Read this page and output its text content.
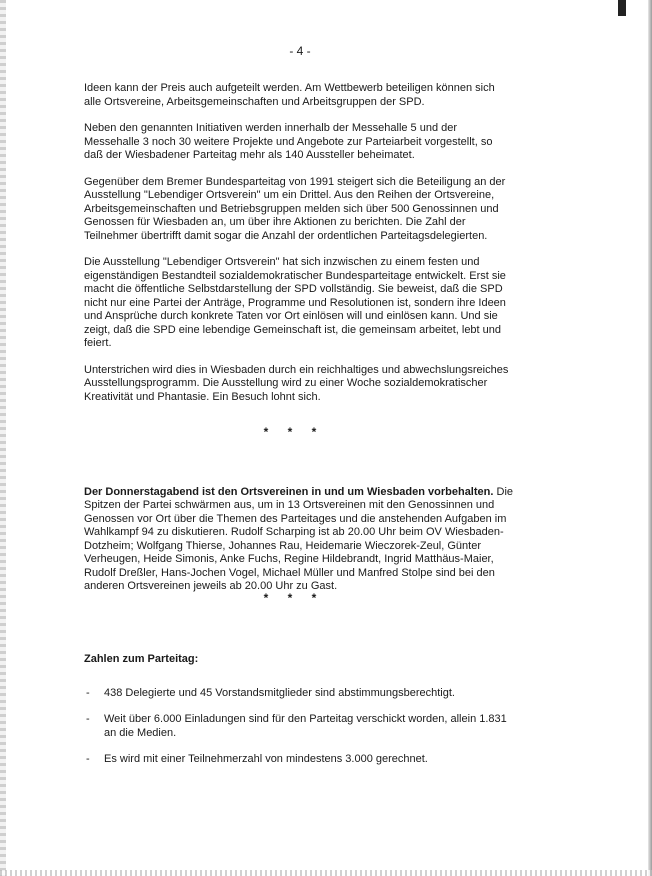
- 4 -

Ideen kann der Preis auch aufgeteilt werden. Am Wettbewerb beteiligen können sich alle Ortsvereine, Arbeitsgemeinschaften und Arbeitsgruppen der SPD.

Neben den genannten Initiativen werden innerhalb der Messehalle 5 und der Messehalle 3 noch 30 weitere Projekte und Angebote zur Parteiarbeit vorgestellt, so daß der Wiesbadener Parteitag mehr als 140 Aussteller beheimatet.

Gegenüber dem Bremer Bundesparteitag von 1991 steigert sich die Beteiligung an der Ausstellung "Lebendiger Ortsverein" um ein Drittel. Aus den Reihen der Ortsvereine, Arbeitsgemeinschaften und Betriebsgruppen melden sich über 500 Genossinnen und Genossen für Wiesbaden an, um über ihre Aktionen zu berichten. Die Zahl der Teilnehmer übertrifft damit sogar die Anzahl der ordentlichen Parteitagsdelegierten.

Die Ausstellung "Lebendiger Ortsverein" hat sich inzwischen zu einem festen und eigenständigen Bestandteil sozialdemokratischer Bundesparteitage entwickelt. Erst sie macht die öffentliche Selbstdarstellung der SPD vollständig. Sie beweist, daß die SPD nicht nur eine Partei der Anträge, Programme und Resolutionen ist, sondern ihre Ideen und Ansprüche durch konkrete Taten vor Ort einlösen will und einlösen kann. Und sie zeigt, daß die SPD eine lebendige Gemeinschaft ist, die gemeinsam arbeitet, lebt und feiert.

Unterstrichen wird dies in Wiesbaden durch ein reichhaltiges und abwechslungsreiches Ausstellungsprogramm. Die Ausstellung wird zu einer Woche sozialdemokratischer Kreativität und Phantasie. Ein Besuch lohnt sich.

* * *

Der Donnerstagabend ist den Ortsvereinen in und um Wiesbaden vorbehalten. Die Spitzen der Partei schwärmen aus, um in 13 Ortsvereinen mit den Genossinnen und Genossen vor Ort über die Themen des Parteitages und die anstehenden Aufgaben im Wahlkampf 94 zu diskutieren. Rudolf Scharping ist ab 20.00 Uhr beim OV Wiesbaden-Dotzheim; Wolfgang Thierse, Johannes Rau, Heidemarie Wieczorek-Zeul, Günter Verheugen, Heide Simonis, Anke Fuchs, Regine Hildebrandt, Ingrid Matthäus-Maier, Rudolf Dreßler, Hans-Jochen Vogel, Michael Müller und Manfred Stolpe sind bei den anderen Ortsvereinen jeweils ab 20.00 Uhr zu Gast.

* * *
Zahlen zum Parteitag:
- 438 Delegierte und 45 Vorstandsmitglieder sind abstimmungsberechtigt.
- Weit über 6.000 Einladungen sind für den Parteitag verschickt worden, allein 1.831 an die Medien.
- Es wird mit einer Teilnehmerzahl von mindestens 3.000 gerechnet.
